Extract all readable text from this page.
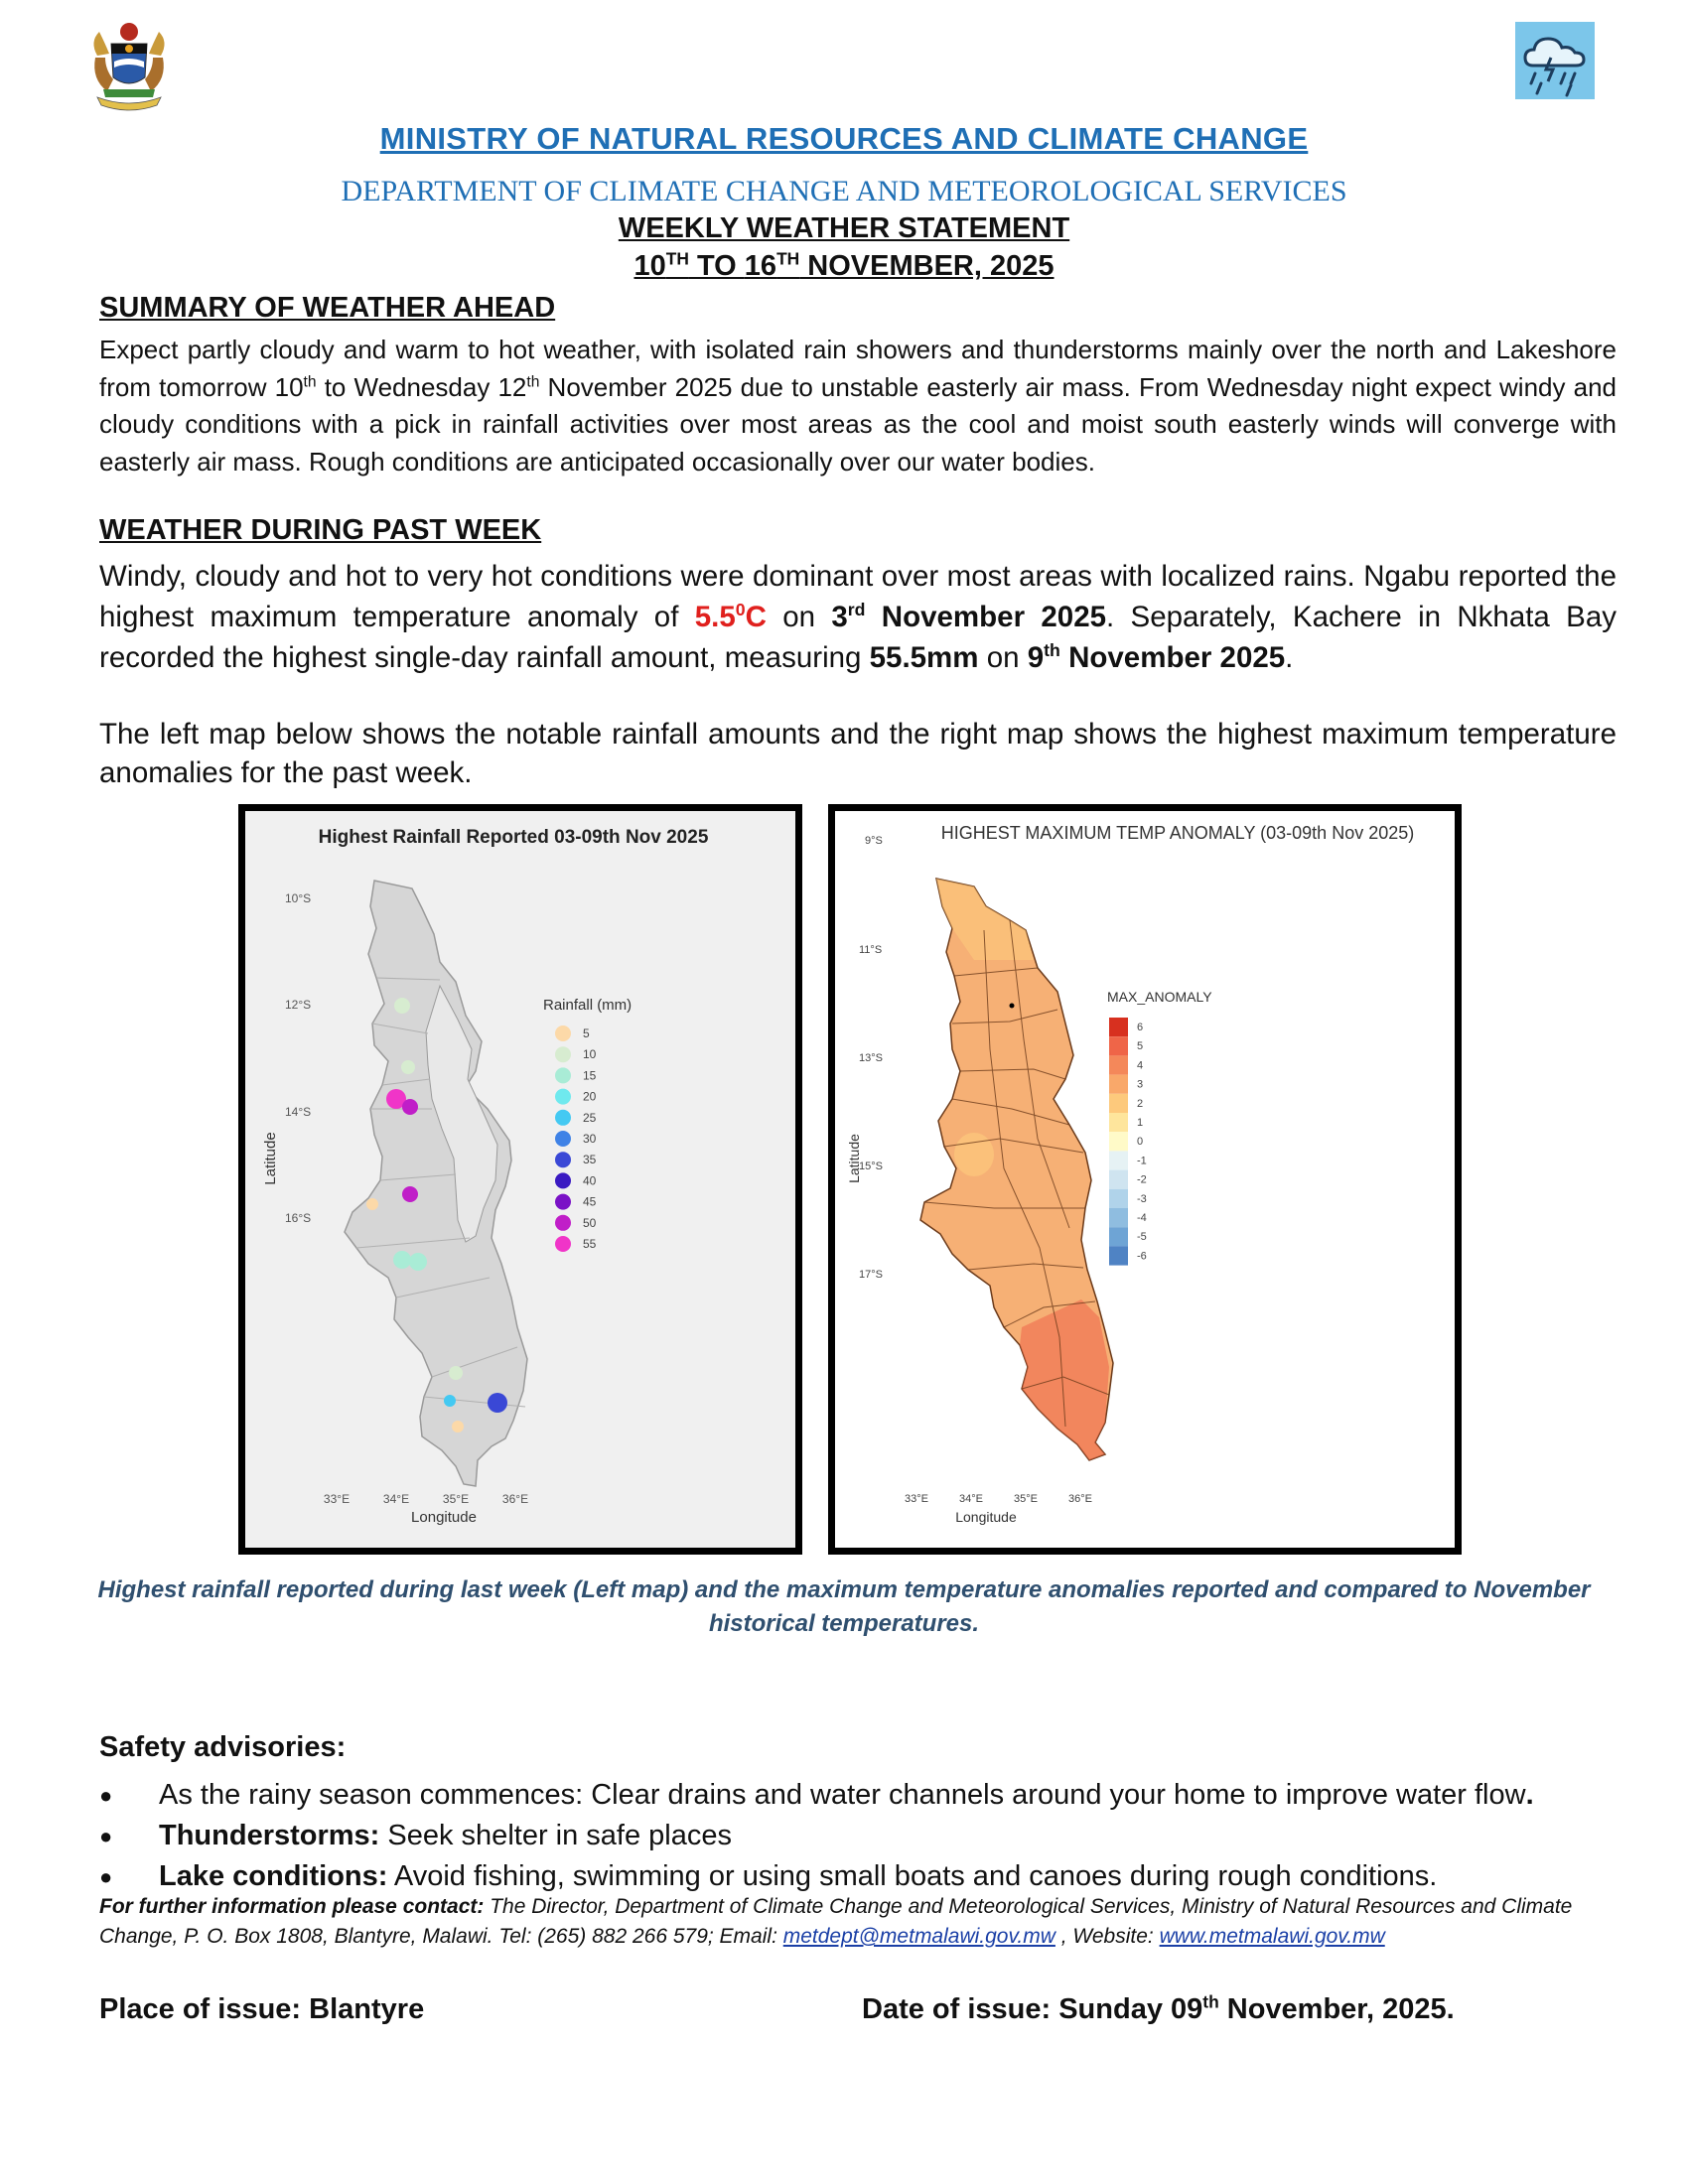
MINISTRY OF NATURAL RESOURCES AND CLIMATE CHANGE
DEPARTMENT OF CLIMATE CHANGE AND METEOROLOGICAL SERVICES
WEEKLY WEATHER STATEMENT
10TH TO 16TH NOVEMBER, 2025
SUMMARY OF WEATHER AHEAD
Expect partly cloudy and warm to hot weather, with isolated rain showers and thunderstorms mainly over the north and Lakeshore from tomorrow 10th to Wednesday 12th November 2025 due to unstable easterly air mass. From Wednesday night expect windy and cloudy conditions with a pick in rainfall activities over most areas as the cool and moist south easterly winds will converge with easterly air mass. Rough conditions are anticipated occasionally over our water bodies.
WEATHER DURING PAST WEEK
Windy, cloudy and hot to very hot conditions were dominant over most areas with localized rains. Ngabu reported the highest maximum temperature anomaly of $5.5^0C$ on 3rd November 2025. Separately, Kachere in Nkhata Bay recorded the highest single-day rainfall amount, measuring 55.5mm on 9th November 2025.
The left map below shows the notable rainfall amounts and the right map shows the highest maximum temperature anomalies for the past week.
Highest Rainfall Reported 03-09th Nov 2025
10°S
12°S
14°S
16°S
33°E	34°E	35°E	36°E
Longitude
Latitude
Rainfall (mm)
5
10
15
20
25
30
35
40
45
50
55
HIGHEST MAXIMUM TEMP ANOMALY (03-09th Nov 2025)
9°S
11°S
13°S
15°S
17°S
33°E	34°E	35°E	36°E
Longitude
Latitude
MAX_ANOMALY
6
5
4
3
2
1
0
-1
-2
-3
-4
-5
-6
Highest rainfall reported during last week (Left map) and the maximum temperature anomalies reported and compared to November historical temperatures.
Safety advisories:
● As the rainy season commences: Clear drains and water channels around your home to improve water flow.
● Thunderstorms: Seek shelter in safe places
● Lake conditions: Avoid fishing, swimming or using small boats and canoes during rough conditions.
For further information please contact: The Director, Department of Climate Change and Meteorological Services, Ministry of Natural Resources and Climate Change, P. O. Box 1808, Blantyre, Malawi. Tel: (265) 882 266 579; Email: metdept@metmalawi.gov.mw , Website: www.metmalawi.gov.mw
Place of issue: Blantyre	Date of issue: Sunday 09th November, 2025.
